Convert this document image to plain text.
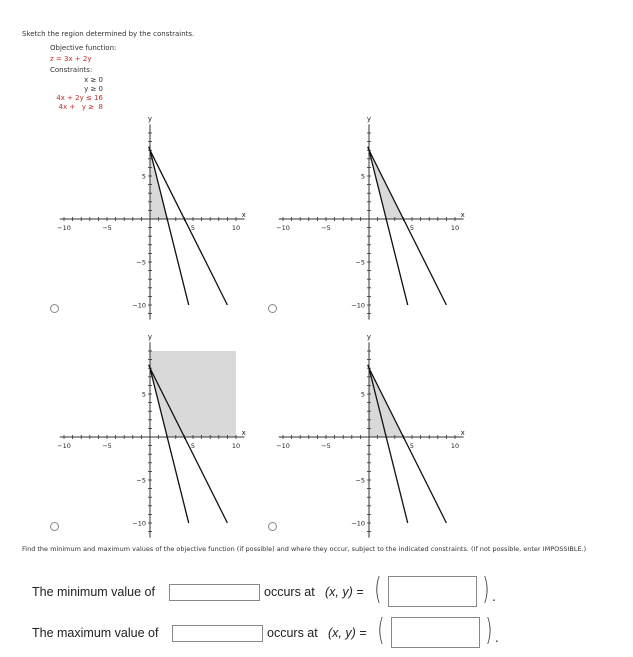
Sketch the region determined by the constraints.
Objective function:
z = 3x + 2y
Constraints:
x ≥ 0
y ≥ 0
4x + 2y ≤ 16
4x +   y ≥  8
−10	−5	5	10
5
−5
−10
x
y
−10	−5	5	10
5
−5
−10
x
y
−10	−5	5	10
5
−5
−10
x
y
−10	−5	5	10
5
−5
−10
x
y
Find the minimum and maximum values of the objective function (if possible) and where they occur, subject to the indicated constraints. (If not possible, enter IMPOSSIBLE.)
The minimum value of	occurs at (x, y) = (	) .
The maximum value of	occurs at (x, y) = (	) .
